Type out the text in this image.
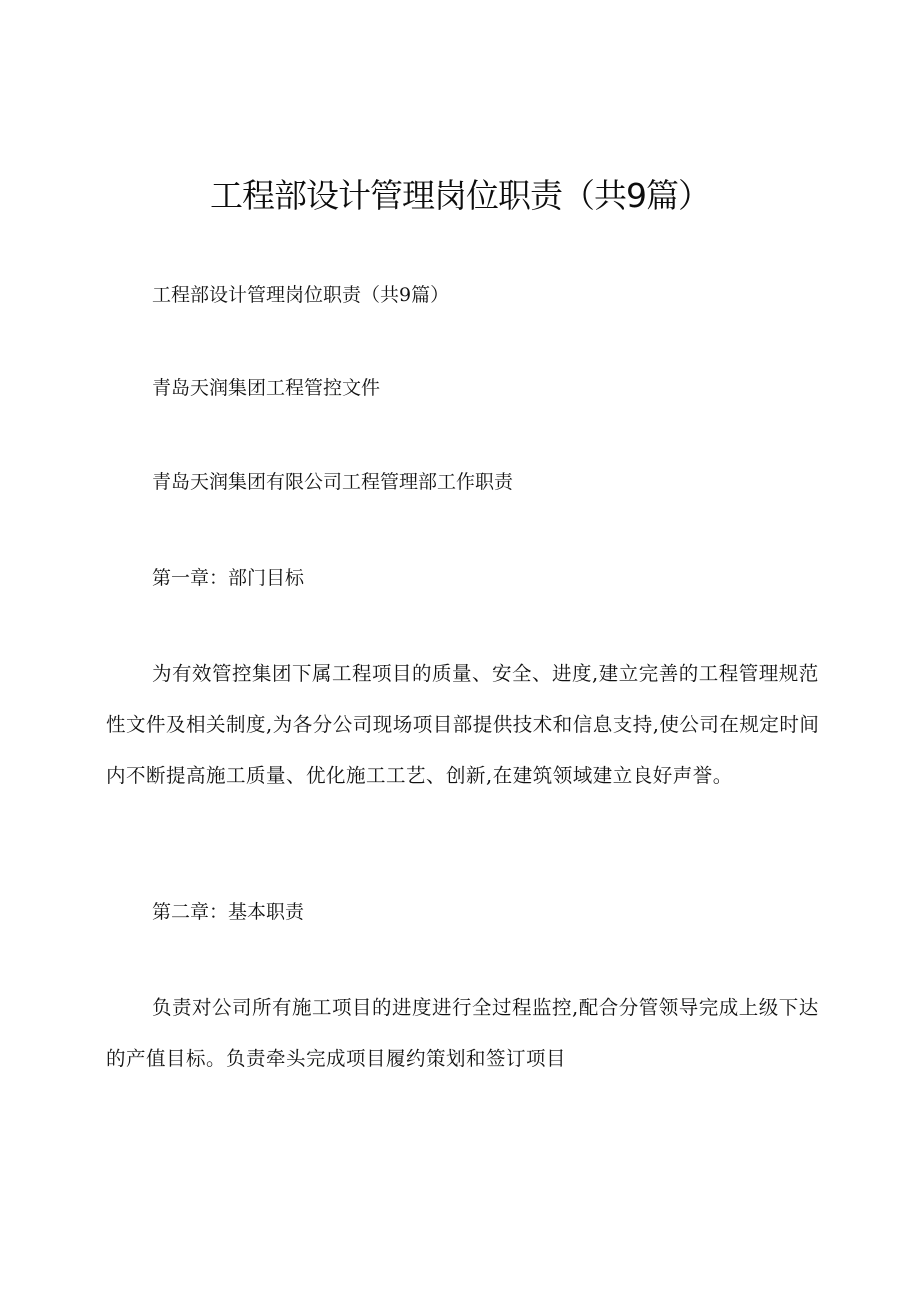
工程部设计管理岗位职责（共9篇）

工程部设计管理岗位职责（共9篇）

青岛天润集团工程管控文件

青岛天润集团有限公司工程管理部工作职责

第一章：部门目标

为有效管控集团下属工程项目的质量、安全、进度,建立完善的工程管理规范性文件及相关制度,为各分公司现场项目部提供技术和信息支持,使公司在规定时间内不断提高施工质量、优化施工工艺、创新,在建筑领域建立良好声誉。

第二章：基本职责

负责对公司所有施工项目的进度进行全过程监控,配合分管领导完成上级下达的产值目标。负责牵头完成项目履约策划和签订项目
